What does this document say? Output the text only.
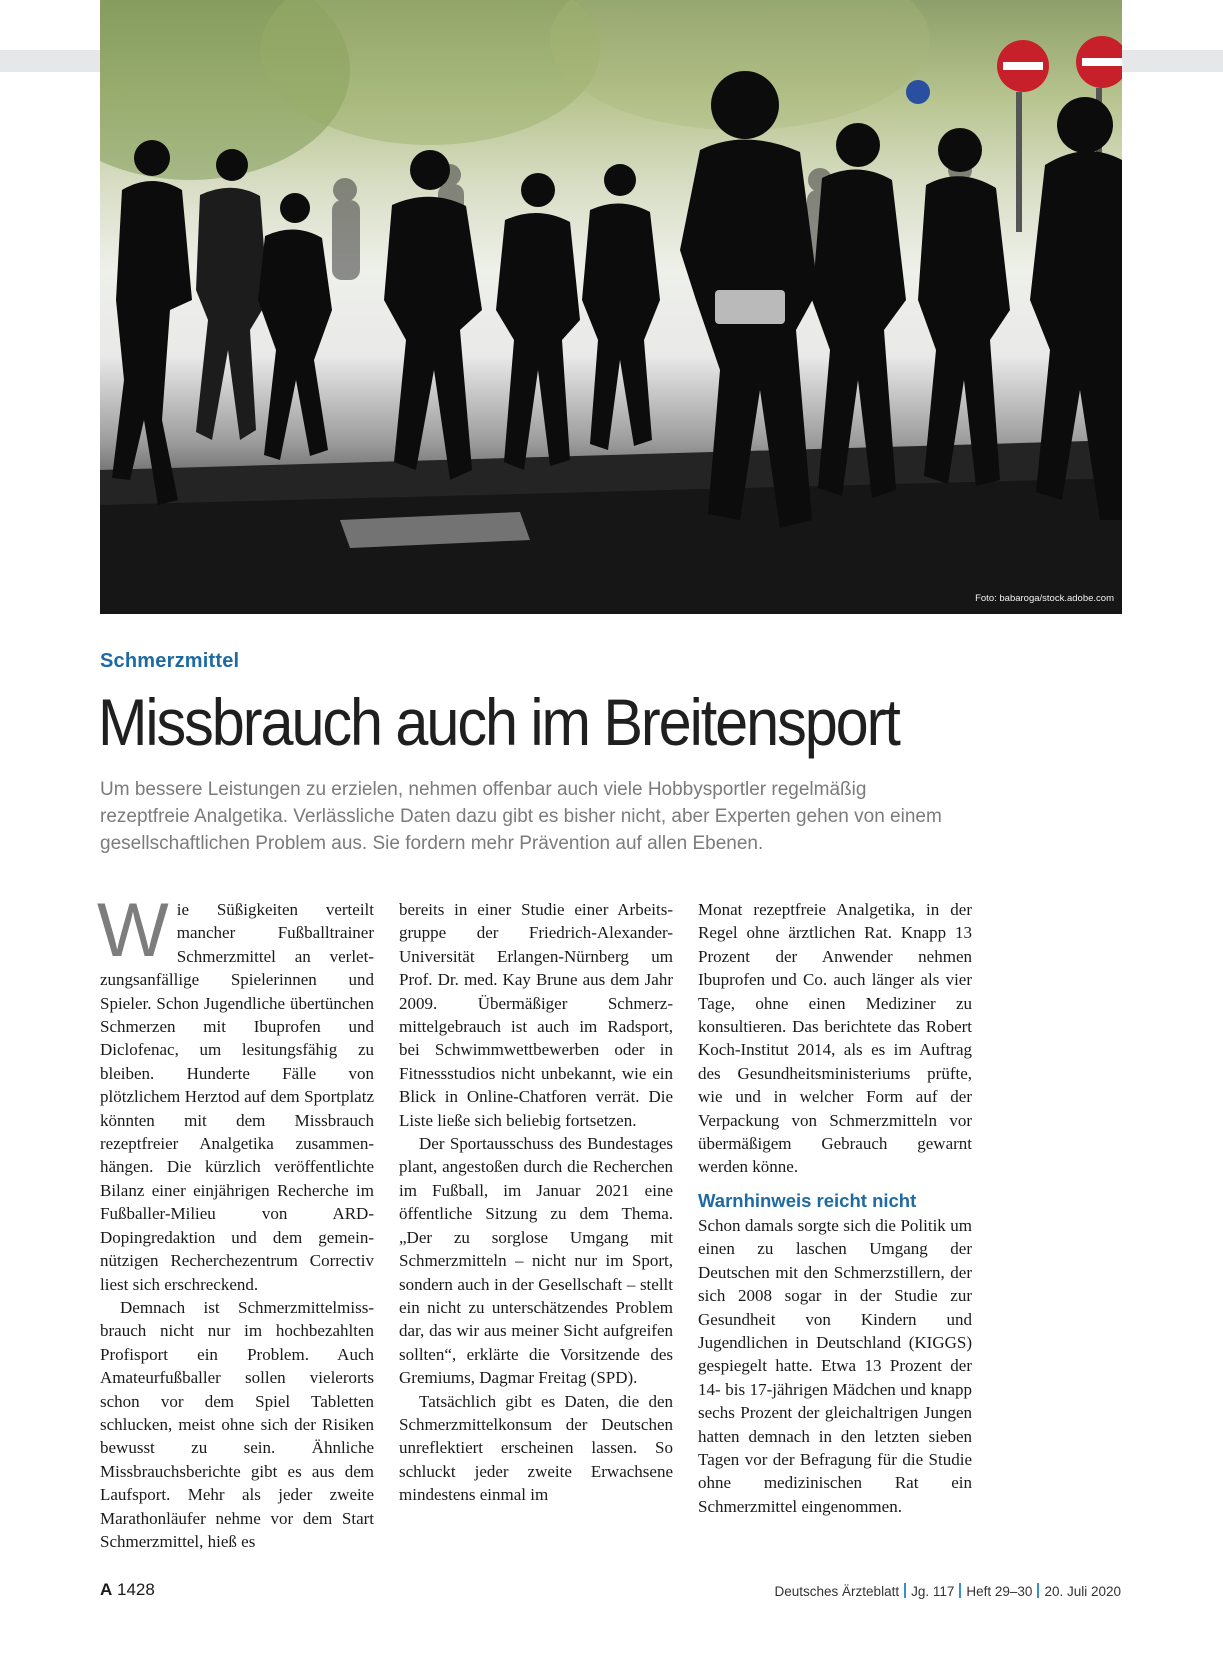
Foto: babaroga/stock.adobe.com
Schmerzmittel
Missbrauch auch im Breitensport

Um bessere Leistungen zu erzielen, nehmen offenbar auch viele Hobbysportler regelmäßig rezeptfreie Analgetika. Verlässliche Daten dazu gibt es bisher nicht, aber Experten gehen von einem gesellschaftlichen Problem aus. Sie fordern mehr Prävention auf allen Ebenen.

Wie Süßigkeiten verteilt mancher Fußballtrainer Schmerzmittel an verletzungsanfällige Spielerinnen und Spieler. Schon Jugendliche übertünchen Schmerzen mit Ibuprofen und Diclofenac, um lesitungsfähig zu bleiben. Hunderte Fälle von plötzlichem Herztod auf dem Sportplatz könnten mit dem Missbrauch rezeptfreier Analgetika zusammenhängen. Die kürzlich veröffentlichte Bilanz einer einjährigen Recherche im Fußballer-Milieu von ARD-Dopingredaktion und dem gemeinnützigen Recherchezentrum Correctiv liest sich erschreckend.

Demnach ist Schmerzmittelmissbrauch nicht nur im hochbezahlten Profisport ein Problem. Auch Amateurfußballer sollen vielerorts schon vor dem Spiel Tabletten schlucken, meist ohne sich der Risiken bewusst zu sein. Ähnliche Missbrauchsberichte gibt es aus dem Laufsport. Mehr als jeder zweite Marathonläufer nehme vor dem Start Schmerzmittel, hieß es

bereits in einer Studie einer Arbeitsgruppe der Friedrich-Alexander-Universität Erlangen-Nürnberg um Prof. Dr. med. Kay Brune aus dem Jahr 2009. Übermäßiger Schmerzmittelgebrauch ist auch im Radsport, bei Schwimmwettbewerben oder in Fitnessstudios nicht unbekannt, wie ein Blick in Online-Chatforen verrät. Die Liste ließe sich beliebig fortsetzen.

Der Sportausschuss des Bundestages plant, angestoßen durch die Recherchen im Fußball, im Januar 2021 eine öffentliche Sitzung zu dem Thema. „Der zu sorglose Umgang mit Schmerzmitteln – nicht nur im Sport, sondern auch in der Gesellschaft – stellt ein nicht zu unterschätzendes Problem dar, das wir aus meiner Sicht aufgreifen sollten“, erklärte die Vorsitzende des Gremiums, Dagmar Freitag (SPD).

Tatsächlich gibt es Daten, die den Schmerzmittelkonsum der Deutschen unreflektiert erscheinen lassen. So schluckt jeder zweite Erwachsene mindestens einmal im

Monat rezeptfreie Analgetika, in der Regel ohne ärztlichen Rat. Knapp 13 Prozent der Anwender nehmen Ibuprofen und Co. auch länger als vier Tage, ohne einen Mediziner zu konsultieren. Das berichtete das Robert Koch-Institut 2014, als es im Auftrag des Gesundheitsministeriums prüfte, wie und in welcher Form auf der Verpackung von Schmerzmitteln vor übermäßigem Gebrauch gewarnt werden könne.

Warnhinweis reicht nicht

Schon damals sorgte sich die Politik um einen zu laschen Umgang der Deutschen mit den Schmerzstillern, der sich 2008 sogar in der Studie zur Gesundheit von Kindern und Jugendlichen in Deutschland (KIGGS) gespiegelt hatte. Etwa 13 Prozent der 14- bis 17-jährigen Mädchen und knapp sechs Prozent der gleichaltrigen Jungen hatten demnach in den letzten sieben Tagen vor der Befragung für die Studie ohne medizinischen Rat ein Schmerzmittel eingenommen.

A 1428	Deutsches Ärzteblatt Jg. 117 Heft 29–30 20. Juli 2020
